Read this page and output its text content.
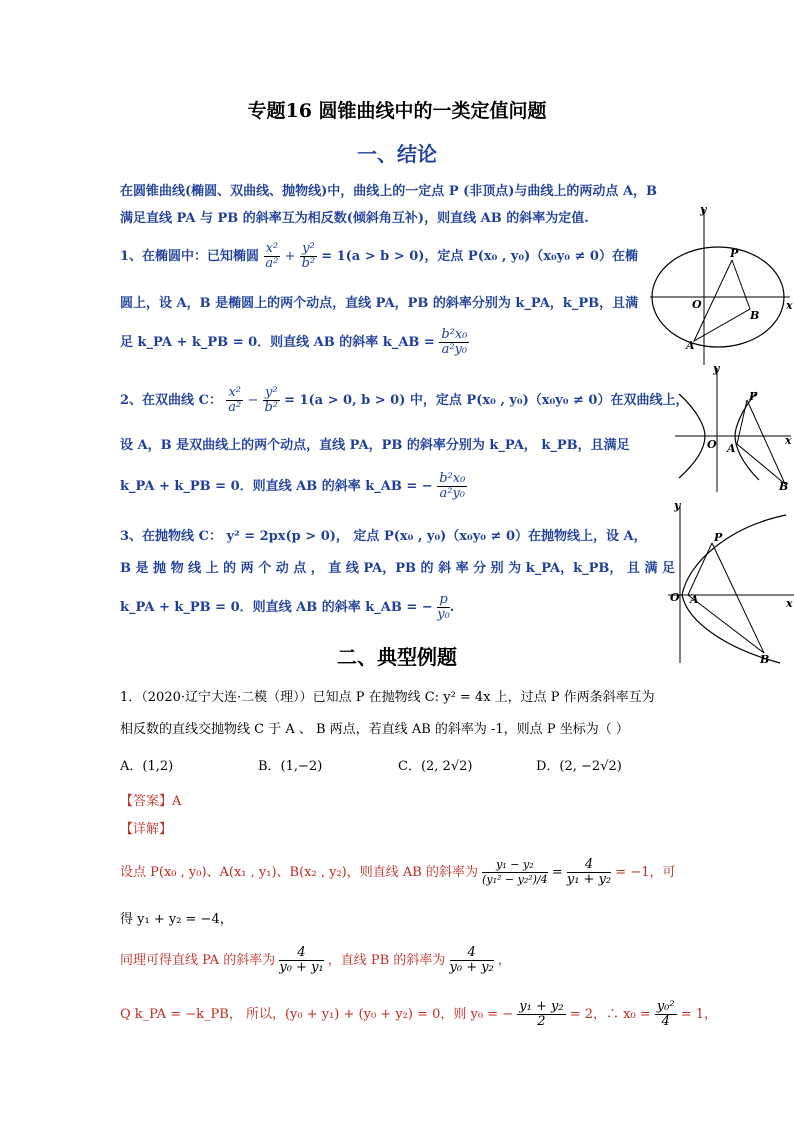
专题16 圆锥曲线中的一类定值问题
一、结论
在圆锥曲线(椭圆、双曲线、抛物线)中，曲线上的一定点 P (非顶点)与曲线上的两动点 A，B
满足直线 PA 与 PB 的斜率互为相反数(倾斜角互补)，则直线 AB 的斜率为定值.
1、在椭圆中：已知椭圆 $\frac{\text{x²}}{\text{a²}} + \frac{\text{y²}}{\text{b²}} = 1(a > b > 0)$，定点 P(x₀ , y₀)（x₀y₀ ≠ 0）在椭
圆上，设 A，B 是椭圆上的两个动点，直线 PA，PB 的斜率分别为 k_PA，k_PB，且满
足 k_PA + k_PB = 0．则直线 AB 的斜率 k_AB = $\frac{\text{b²x₀}}{\text{a²y₀}}$
2、在双曲线 C： $\frac{\text{x²}}{\text{a²}} - \frac{\text{y²}}{\text{b²}} = 1(a > 0$, b > 0) 中，定点 P(x₀ , y₀)（x₀y₀ ≠ 0）在双曲线上，
设 A，B 是双曲线上的两个动点，直线 PA，PB 的斜率分别为 k_PA， k_PB，且满足
k_PA + k_PB = 0．则直线 AB 的斜率 k_AB = − $\frac{\text{b²x₀}}{\text{a²y₀}}$
3、在抛物线 C： y² = 2px(p > 0)， 定点 P(x₀ , y₀)（x₀y₀ ≠ 0）在抛物线上，设 A，
B 是 抛 物 线 上 的 两 个 动 点 ， 直 线 PA，PB 的 斜 率 分 别 为 k_PA，k_PB， 且 满 足
k_PA + k_PB = 0．则直线 AB 的斜率 k_AB = − $\frac{p}{\text{y₀}}$ .
二、典型例题
1．（2020·辽宁大连·二模（理））已知点 P 在抛物线 C: y² = 4x 上，过点 P 作两条斜率互为
相反数的直线交抛物线 C 于 A 、 B 两点，若直线 AB 的斜率为 -1，则点 P 坐标为（ ）
A．(1,2)	B．(1,−2)	C．(2, 2√2)	D．(2, −2√2)
【答案】A
【详解】
设点 P(x₀ , y₀)、A(x₁ , y₁)、B(x₂ , y₂)，则直线 AB 的斜率为 $\frac{\text{y₁ − y₂}}{\text{(y₁² − y₂²)/4}} = \frac{4}{\text{y₁ + y₂}} = -1$，可
得 y₁ + y₂ = −4，
同理可得直线 PA 的斜率为 $\frac{4}{\text{y₀ + y₁}}$ ，直线 PB 的斜率为 $\frac{4}{\text{y₀ + y₂}}$ ，
Q k_PA = −k_PB， 所以，(y₀ + y₁) + (y₀ + y₂) = 0，则 y₀ = − $\frac{\text{y₁ + y₂}}{2} = 2$，∴ $x_0 = \frac{\text{y₀²}}{4} = 1$，
y
P
O	x
B
A
y
P
O A
x
B
y
P
O A	x
B
